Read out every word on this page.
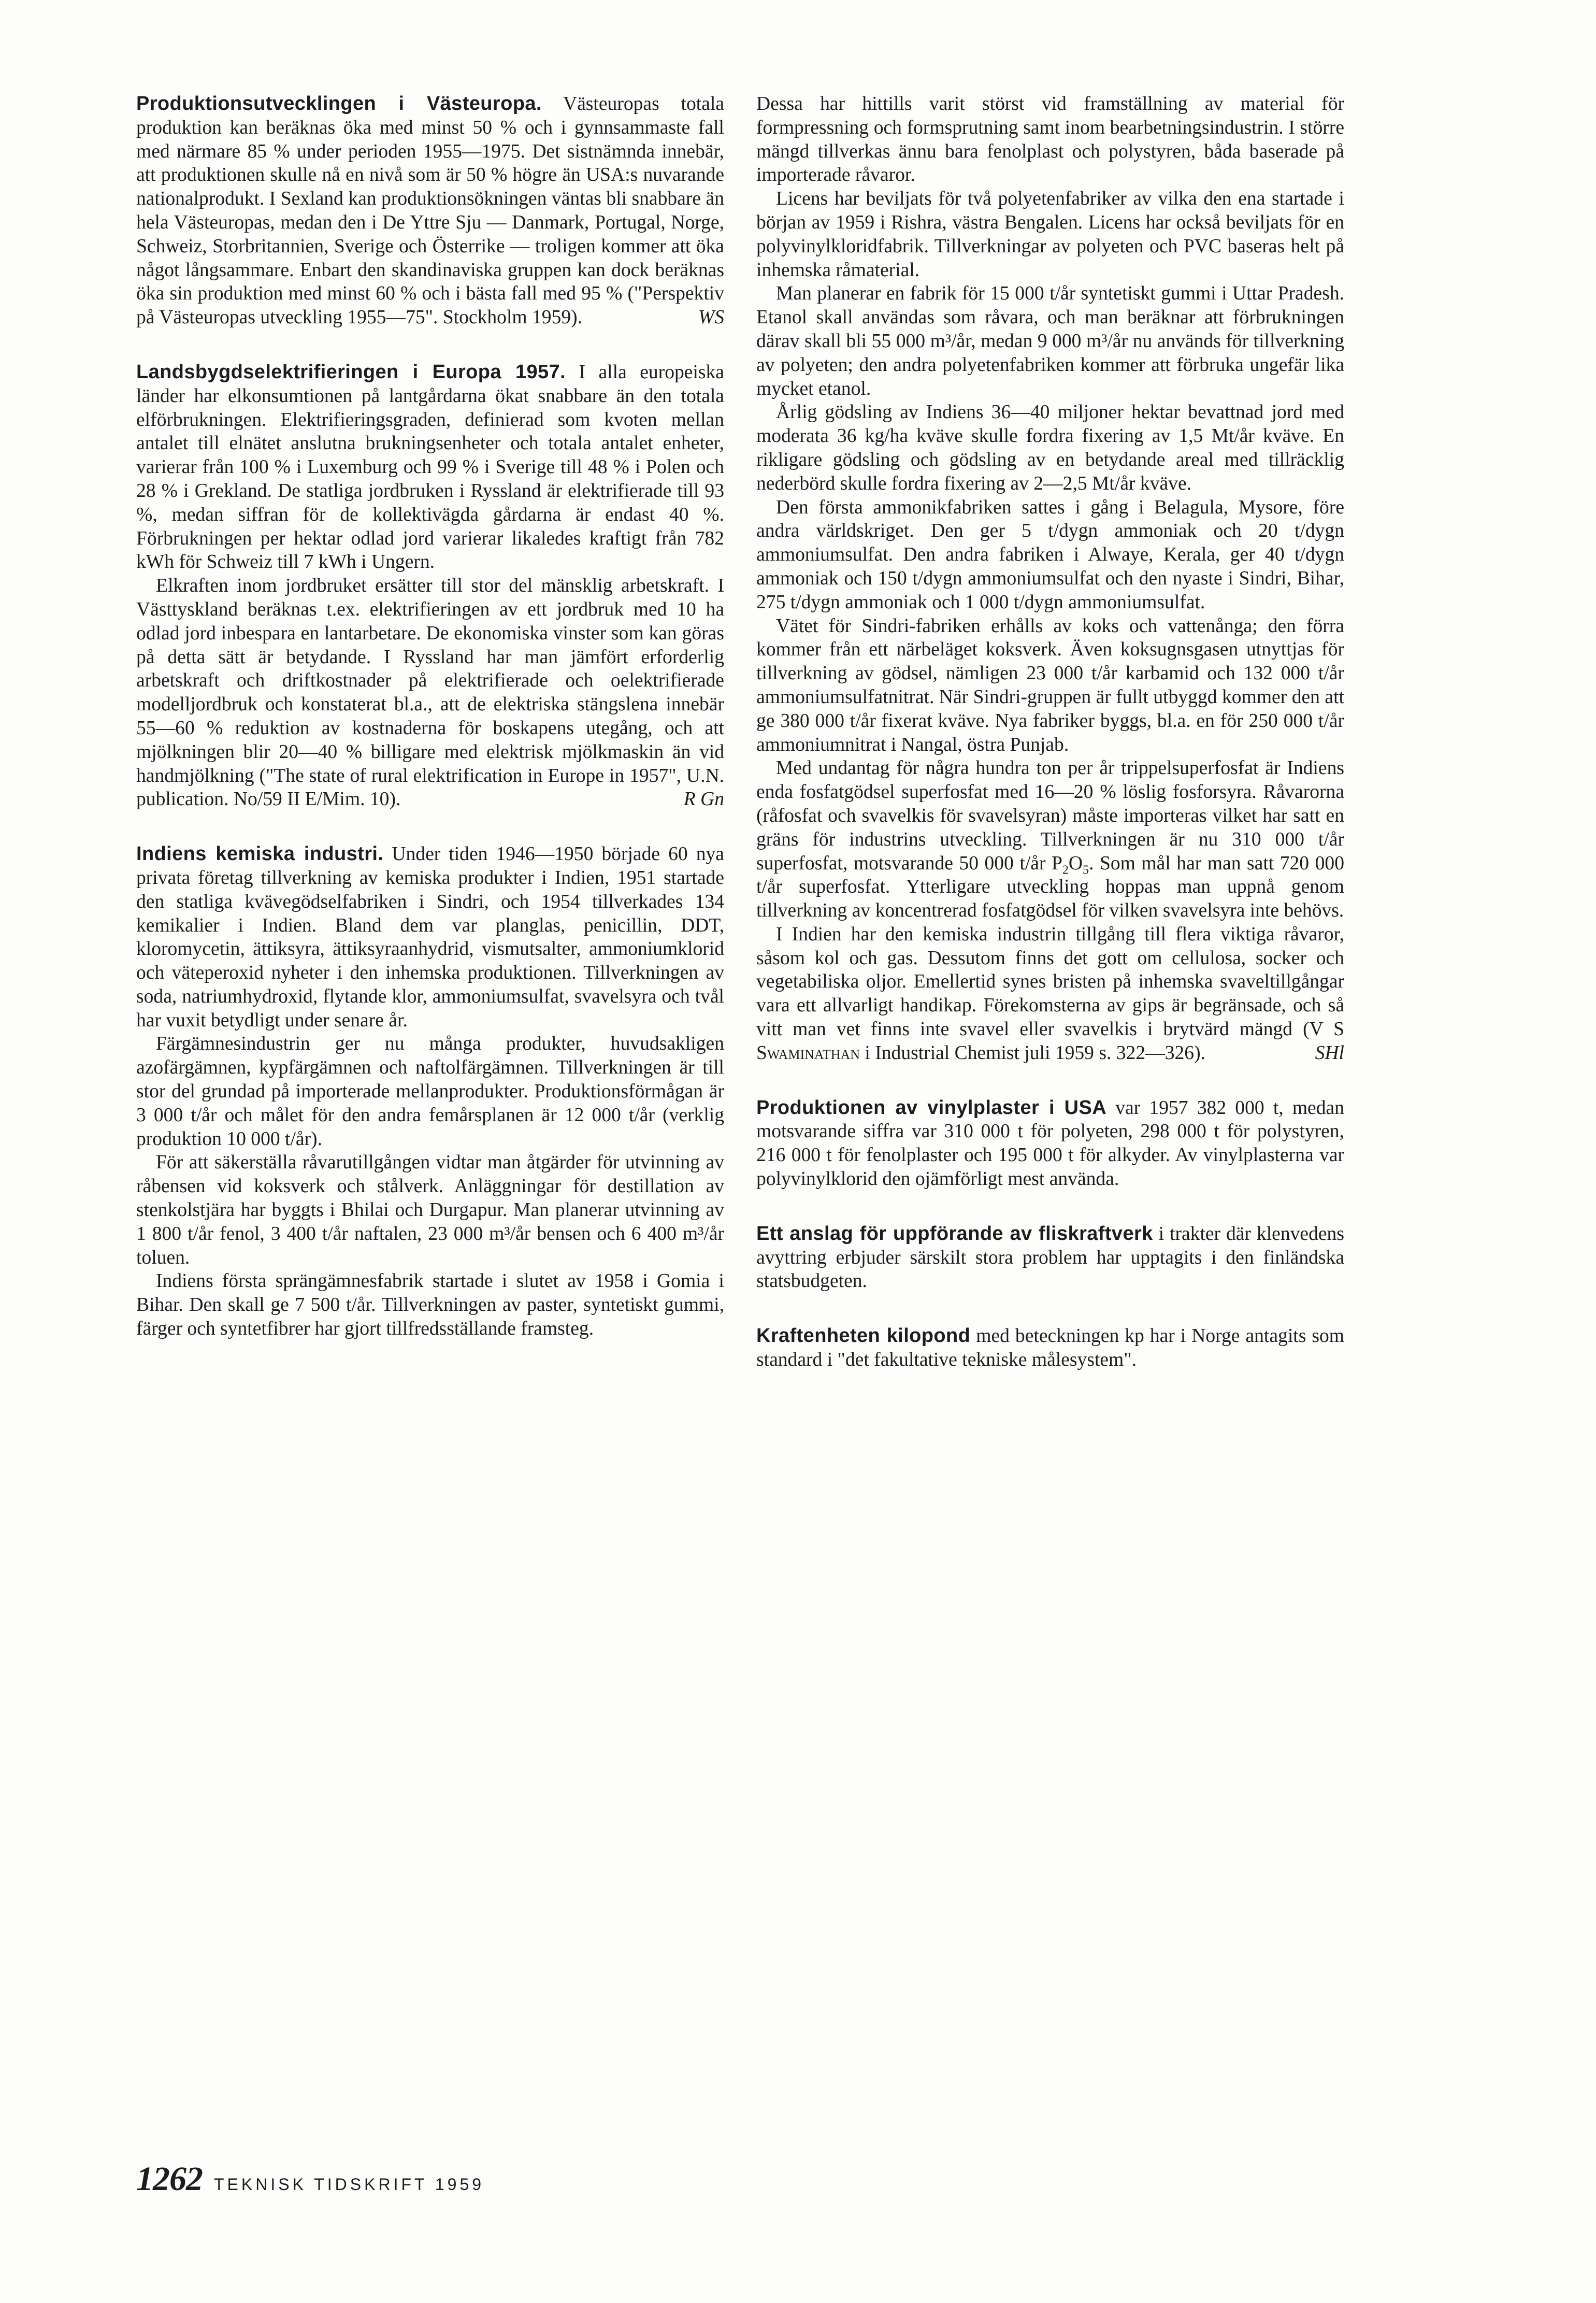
Produktionsutvecklingen i Västeuropa. Västeuropas totala produktion kan beräknas öka med minst 50 % och i gynnsammaste fall med närmare 85 % under perioden 1955—1975. Det sistnämnda innebär, att produktionen skulle nå en nivå som är 50 % högre än USA:s nuvarande nationalprodukt. I Sexland kan produktionsökningen väntas bli snabbare än hela Västeuropas, medan den i De Yttre Sju — Danmark, Portugal, Norge, Schweiz, Storbritannien, Sverige och Österrike — troligen kommer att öka något långsammare. Enbart den skandinaviska gruppen kan dock beräknas öka sin produktion med minst 60 % och i bästa fall med 95 % ("Perspektiv på Västeuropas utveckling 1955—75". Stockholm 1959).	WS

Landsbygdselektrifieringen i Europa 1957. I alla europeiska länder har elkonsumtionen på lantgårdarna ökat snabbare än den totala elförbrukningen. Elektrifieringsgraden, definierad som kvoten mellan antalet till elnätet anslutna brukningsenheter och totala antalet enheter, varierar från 100 % i Luxemburg och 99 % i Sverige till 48 % i Polen och 28 % i Grekland. De statliga jordbruken i Ryssland är elektrifierade till 93 %, medan siffran för de kollektivägda gårdarna är endast 40 %. Förbrukningen per hektar odlad jord varierar likaledes kraftigt från 782 kWh för Schweiz till 7 kWh i Ungern.

Elkraften inom jordbruket ersätter till stor del mänsklig arbetskraft. I Västtyskland beräknas t.ex. elektrifieringen av ett jordbruk med 10 ha odlad jord inbespara en lantarbetare. De ekonomiska vinster som kan göras på detta sätt är betydande. I Ryssland har man jämfört erforderlig arbetskraft och driftkostnader på elektrifierade och oelektrifierade modelljordbruk och konstaterat bl.a., att de elektriska stängslena innebär 55—60 % reduktion av kostnaderna för boskapens utegång, och att mjölkningen blir 20—40 % billigare med elektrisk mjölkmaskin än vid handmjölkning ("The state of rural elektrification in Europe in 1957", U.N. publication. No/59 II E/Mim. 10).	R Gn

Indiens kemiska industri. Under tiden 1946—1950 började 60 nya privata företag tillverkning av kemiska produkter i Indien, 1951 startade den statliga kvävegödselfabriken i Sindri, och 1954 tillverkades 134 kemikalier i Indien. Bland dem var planglas, penicillin, DDT, kloromycetin, ättiksyra, ättiksyraanhydrid, vismutsalter, ammoniumklorid och väteperoxid nyheter i den inhemska produktionen. Tillverkningen av soda, natriumhydroxid, flytande klor, ammoniumsulfat, svavelsyra och tvål har vuxit betydligt under senare år.

Färgämnesindustrin ger nu många produkter, huvudsakligen azofärgämnen, kypfärgämnen och naftolfärgämnen. Tillverkningen är till stor del grundad på importerade mellanprodukter. Produktionsförmågan är 3 000 t/år och målet för den andra femårsplanen är 12 000 t/år (verklig produktion 10 000 t/år).

För att säkerställa råvarutillgången vidtar man åtgärder för utvinning av råbensen vid koksverk och stålverk. Anläggningar för destillation av stenkolstjära har byggts i Bhilai och Durgapur. Man planerar utvinning av 1 800 t/år fenol, 3 400 t/år naftalen, 23 000 m³/år bensen och 6 400 m³/år toluen.

Indiens första sprängämnesfabrik startade i slutet av 1958 i Gomia i Bihar. Den skall ge 7 500 t/år. Tillverkningen av paster, syntetiskt gummi, färger och syntetfibrer har gjort tillfredsställande framsteg.

Dessa har hittills varit störst vid framställning av material för formpressning och formsprutning samt inom bearbetningsindustrin. I större mängd tillverkas ännu bara fenolplast och polystyren, båda baserade på importerade råvaror.

Licens har beviljats för två polyetenfabriker av vilka den ena startade i början av 1959 i Rishra, västra Bengalen. Licens har också beviljats för en polyvinylkloridfabrik. Tillverkningar av polyeten och PVC baseras helt på inhemska råmaterial.

Man planerar en fabrik för 15 000 t/år syntetiskt gummi i Uttar Pradesh. Etanol skall användas som råvara, och man beräknar att förbrukningen därav skall bli 55 000 m³/år, medan 9 000 m³/år nu används för tillverkning av polyeten; den andra polyetenfabriken kommer att förbruka ungefär lika mycket etanol.

Årlig gödsling av Indiens 36—40 miljoner hektar bevattnad jord med moderata 36 kg/ha kväve skulle fordra fixering av 1,5 Mt/år kväve. En rikligare gödsling och gödsling av en betydande areal med tillräcklig nederbörd skulle fordra fixering av 2—2,5 Mt/år kväve.

Den första ammonikfabriken sattes i gång i Belagula, Mysore, före andra världskriget. Den ger 5 t/dygn ammoniak och 20 t/dygn ammoniumsulfat. Den andra fabriken i Alwaye, Kerala, ger 40 t/dygn ammoniak och 150 t/dygn ammoniumsulfat och den nyaste i Sindri, Bihar, 275 t/dygn ammoniak och 1 000 t/dygn ammoniumsulfat.

Vätet för Sindri-fabriken erhålls av koks och vattenånga; den förra kommer från ett närbeläget koksverk. Även koksugnsgasen utnyttjas för tillverkning av gödsel, nämligen 23 000 t/år karbamid och 132 000 t/år ammoniumsulfatnitrat. När Sindri-gruppen är fullt utbyggd kommer den att ge 380 000 t/år fixerat kväve. Nya fabriker byggs, bl.a. en för 250 000 t/år ammoniumnitrat i Nangal, östra Punjab.

Med undantag för några hundra ton per år trippelsuperfosfat är Indiens enda fosfatgödsel superfosfat med 16—20 % löslig fosforsyra. Råvarorna (råfosfat och svavelkis för svavelsyran) måste importeras vilket har satt en gräns för industrins utveckling. Tillverkningen är nu 310 000 t/år superfosfat, motsvarande 50 000 t/år $P_2O_5$. Som mål har man satt 720 000 t/år superfosfat. Ytterligare utveckling hoppas man uppnå genom tillverkning av koncentrerad fosfatgödsel för vilken svavelsyra inte behövs.

I Indien har den kemiska industrin tillgång till flera viktiga råvaror, såsom kol och gas. Dessutom finns det gott om cellulosa, socker och vegetabiliska oljor. Emellertid synes bristen på inhemska svaveltillgångar vara ett allvarligt handikap. Förekomsterna av gips är begränsade, och så vitt man vet finns inte svavel eller svavelkis i brytvärd mängd (V S Swaminathan i Industrial Chemist juli 1959 s. 322—326).	SHl

Produktionen av vinylplaster i USA var 1957 382 000 t, medan motsvarande siffra var 310 000 t för polyeten, 298 000 t för polystyren, 216 000 t för fenolplaster och 195 000 t för alkyder. Av vinylplasterna var polyvinylklorid den ojämförligt mest använda.

Ett anslag för uppförande av fliskraftverk i trakter där klenvedens avyttring erbjuder särskilt stora problem har upptagits i den finländska statsbudgeten.

Kraftenheten kilopond med beteckningen kp har i Norge antagits som standard i "det fakultative tekniske målesystem".

1262 TEKNISK TIDSKRIFT 1959
